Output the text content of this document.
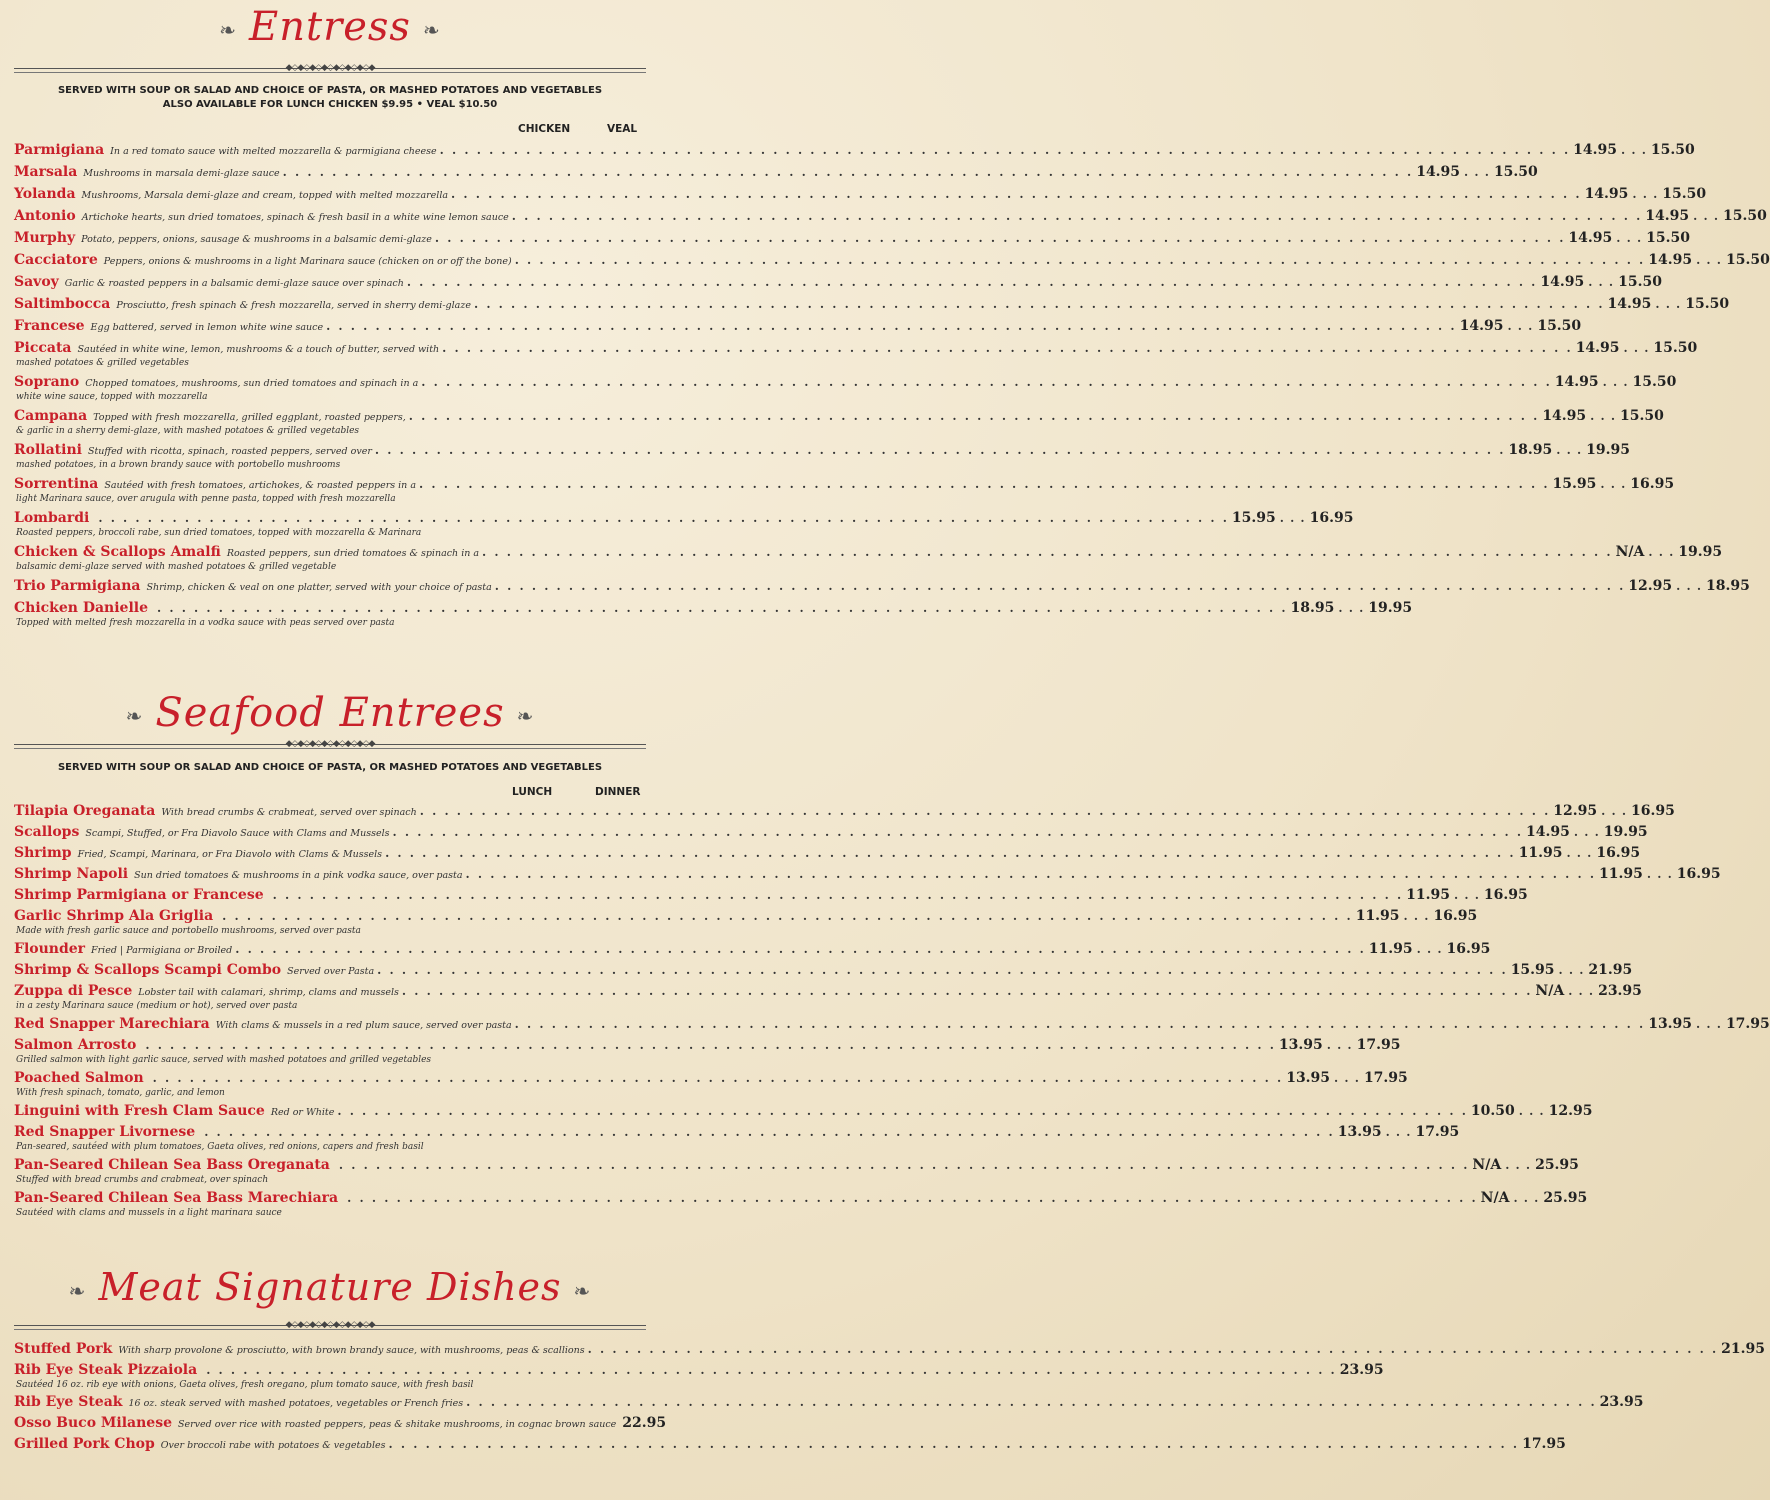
❧ Entress ❧
◆◇◆◇◆◇◆◇◆◇◆◇◆◇◆
SERVED WITH SOUP OR SALAD AND CHOICE OF PASTA, OR MASHED POTATOES AND VEGETABLES
ALSO AVAILABLE FOR LUNCH CHICKEN $9.95 • VEAL $10.50
CHICKEN	VEAL
Parmigiana In a red tomato sauce with melted mozzarella & parmigiana cheese . . .	14.95 . . . 15.50
Marsala Mushrooms in marsala demi-glaze sauce . . .	14.95 . . . 15.50
Yolanda Mushrooms, Marsala demi-glaze and cream, topped with melted mozzarella . . .	14.95 . . . 15.50
Antonio Artichoke hearts, sun dried tomatoes, spinach & fresh basil in a white wine lemon sauce . . .	14.95 . . . 15.50
Murphy Potato, peppers, onions, sausage & mushrooms in a balsamic demi-glaze . . .	14.95 . . . 15.50
Cacciatore Peppers, onions & mushrooms in a light Marinara sauce (chicken on or off the bone) . . .	14.95 . . . 15.50
Savoy Garlic & roasted peppers in a balsamic demi-glaze sauce over spinach . . .	14.95 . . . 15.50
Saltimbocca Prosciutto, fresh spinach & fresh mozzarella, served in sherry demi-glaze . . .	14.95 . . . 15.50
Francese Egg battered, served in lemon white wine sauce . . .	14.95 . . . 15.50
Piccata Sautéed in white wine, lemon, mushrooms & a touch of butter, served with . . .	14.95 . . . 15.50
mashed potatoes & grilled vegetables
Soprano Chopped tomatoes, mushrooms, sun dried tomatoes and spinach in a . . .	14.95 . . . 15.50
white wine sauce, topped with mozzarella
Campana Topped with fresh mozzarella, grilled eggplant, roasted peppers, . . .	14.95 . . . 15.50
& garlic in a sherry demi-glaze, with mashed potatoes & grilled vegetables
Rollatini Stuffed with ricotta, spinach, roasted peppers, served over . . .	18.95 . . . 19.95
mashed potatoes, in a brown brandy sauce with portobello mushrooms
Sorrentina Sautéed with fresh tomatoes, artichokes, & roasted peppers in a . . .	15.95 . . . 16.95
light Marinara sauce, over arugula with penne pasta, topped with fresh mozzarella
Lombardi . . .	15.95 . . . 16.95
Roasted peppers, broccoli rabe, sun dried tomatoes, topped with mozzarella & Marinara
Chicken & Scallops Amalfi Roasted peppers, sun dried tomatoes & spinach in a . . .	N/A . . . 19.95
balsamic demi-glaze served with mashed potatoes & grilled vegetable
Trio Parmigiana Shrimp, chicken & veal on one platter, served with your choice of pasta . . .	12.95 . . . 18.95
Chicken Danielle . . .	18.95 . . . 19.95
Topped with melted fresh mozzarella in a vodka sauce with peas served over pasta
❧ Seafood Entrees ❧
◆◇◆◇◆◇◆◇◆◇◆◇◆◇◆
SERVED WITH SOUP OR SALAD AND CHOICE OF PASTA, OR MASHED POTATOES AND VEGETABLES
LUNCH	DINNER
Tilapia Oreganata With bread crumbs & crabmeat, served over spinach . . .	12.95 . . . 16.95
Scallops Scampi, Stuffed, or Fra Diavolo Sauce with Clams and Mussels . . .	14.95 . . . 19.95
Shrimp Fried, Scampi, Marinara, or Fra Diavolo with Clams & Mussels . . .	11.95 . . . 16.95
Shrimp Napoli Sun dried tomatoes & mushrooms in a pink vodka sauce, over pasta . . .	11.95 . . . 16.95
Shrimp Parmigiana or Francese . . .	11.95 . . . 16.95
Garlic Shrimp Ala Griglia . . .	11.95 . . . 16.95
Made with fresh garlic sauce and portobello mushrooms, served over pasta
Flounder Fried | Parmigiana or Broiled . . .	11.95 . . . 16.95
Shrimp & Scallops Scampi Combo Served over Pasta . . .	15.95 . . . 21.95
Zuppa di Pesce Lobster tail with calamari, shrimp, clams and mussels . . .	N/A . . . 23.95
in a zesty Marinara sauce (medium or hot), served over pasta
Red Snapper Marechiara With clams & mussels in a red plum sauce, served over pasta . . .	13.95 . . . 17.95
Salmon Arrosto . . .	13.95 . . . 17.95
Grilled salmon with light garlic sauce, served with mashed potatoes and grilled vegetables
Poached Salmon . . .	13.95 . . . 17.95
With fresh spinach, tomato, garlic, and lemon
Linguini with Fresh Clam Sauce Red or White . . .	10.50 . . . 12.95
Red Snapper Livornese . . .	13.95 . . . 17.95
Pan-seared, sautéed with plum tomatoes, Gaeta olives, red onions, capers and fresh basil
Pan-Seared Chilean Sea Bass Oreganata . . .	N/A . . . 25.95
Stuffed with bread crumbs and crabmeat, over spinach
Pan-Seared Chilean Sea Bass Marechiara . . .	N/A . . . 25.95
Sautéed with clams and mussels in a light marinara sauce
❧ Meat Signature Dishes ❧
◆◇◆◇◆◇◆◇◆◇◆◇◆◇◆
Stuffed Pork With sharp provolone & prosciutto, with brown brandy sauce, with mushrooms, peas & scallions . . .	21.95
Rib Eye Steak Pizzaiola . . .	23.95
Sautéed 16 oz. rib eye with onions, Gaeta olives, fresh oregano, plum tomato sauce, with fresh basil
Rib Eye Steak 16 oz. steak served with mashed potatoes, vegetables or French fries . . .	23.95
Osso Buco Milanese Served over rice with roasted peppers, peas & shitake mushrooms, in cognac brown sauce 22.95
Grilled Pork Chop Over broccoli rabe with potatoes & vegetables . . .	17.95
